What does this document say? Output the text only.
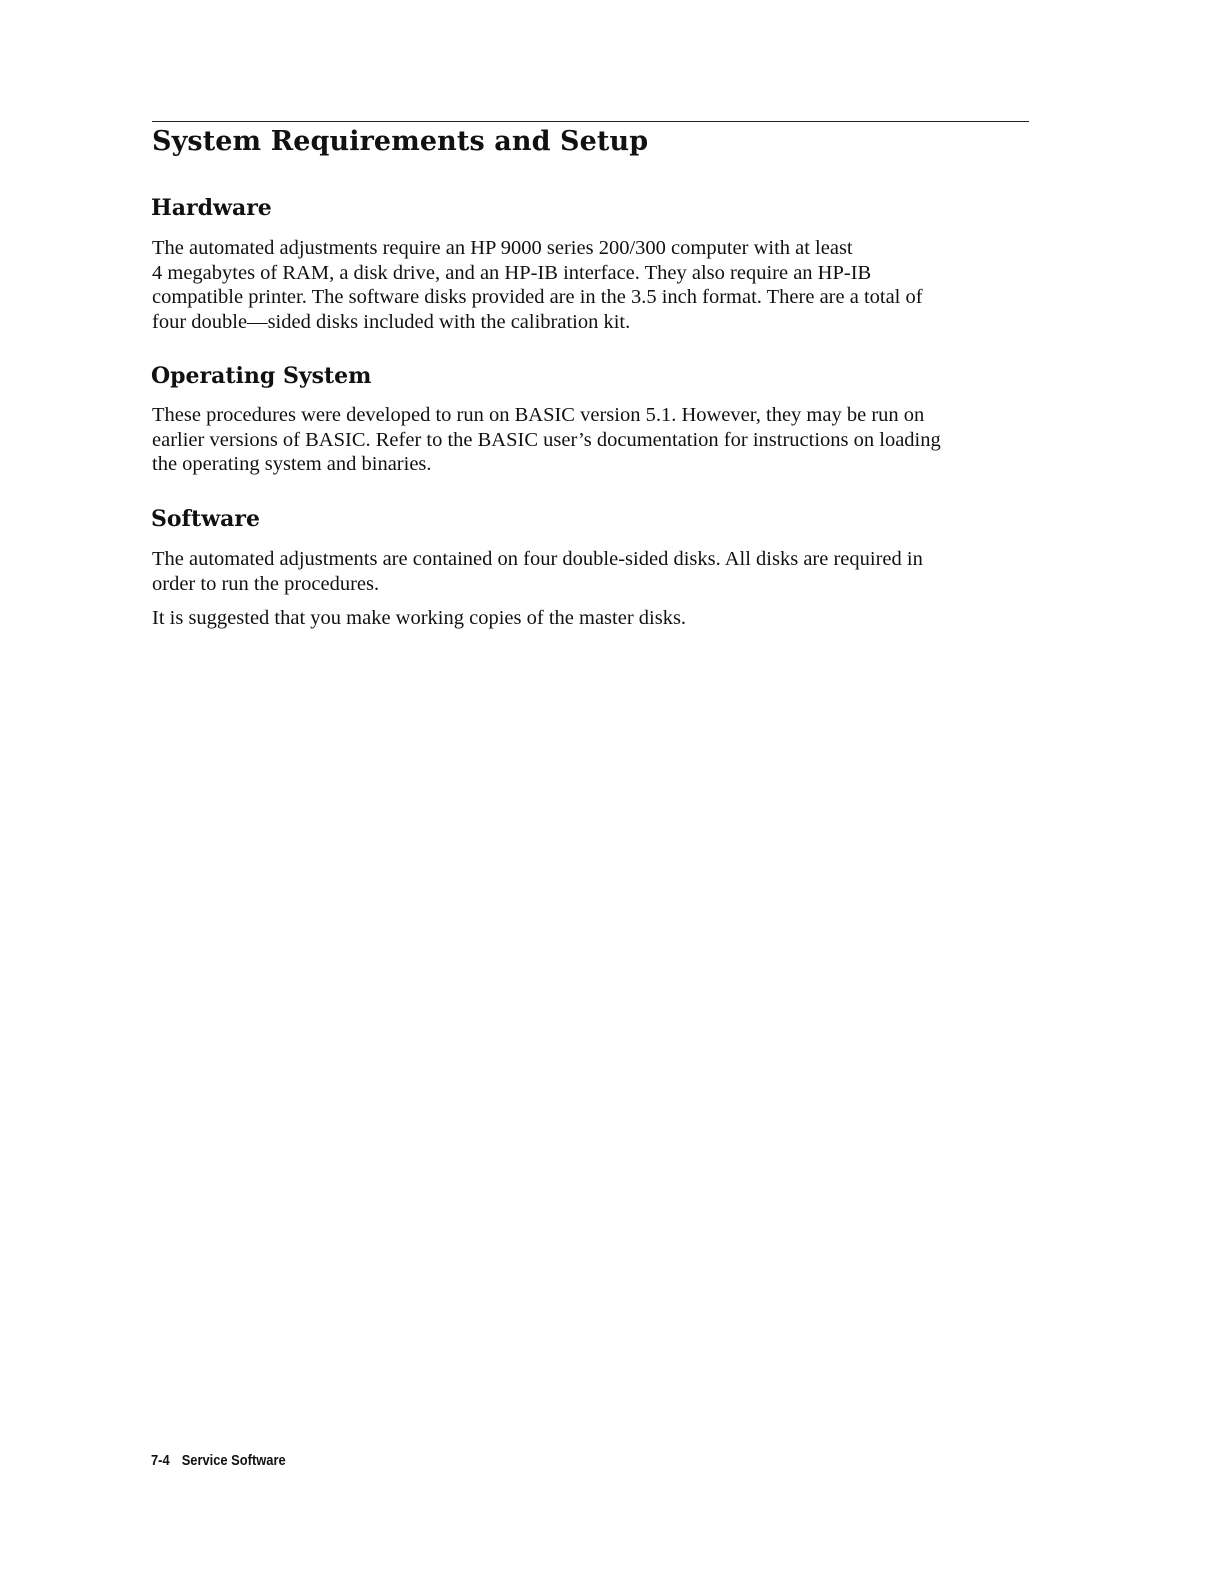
System Requirements and Setup
Hardware

The automated adjustments require an HP 9000 series 200/300 computer with at least
4 megabytes of RAM, a disk drive, and an HP-IB interface. They also require an HP-IB
compatible printer. The software disks provided are in the 3.5 inch format. There are a total of
four double—sided disks included with the calibration kit.

Operating System

These procedures were developed to run on BASIC version 5.1. However, they may be run on
earlier versions of BASIC. Refer to the BASIC user’s documentation for instructions on loading
the operating system and binaries.

Software

The automated adjustments are contained on four double-sided disks. All disks are required in
order to run the procedures.

It is suggested that you make working copies of the master disks.

7-4 Service Software
